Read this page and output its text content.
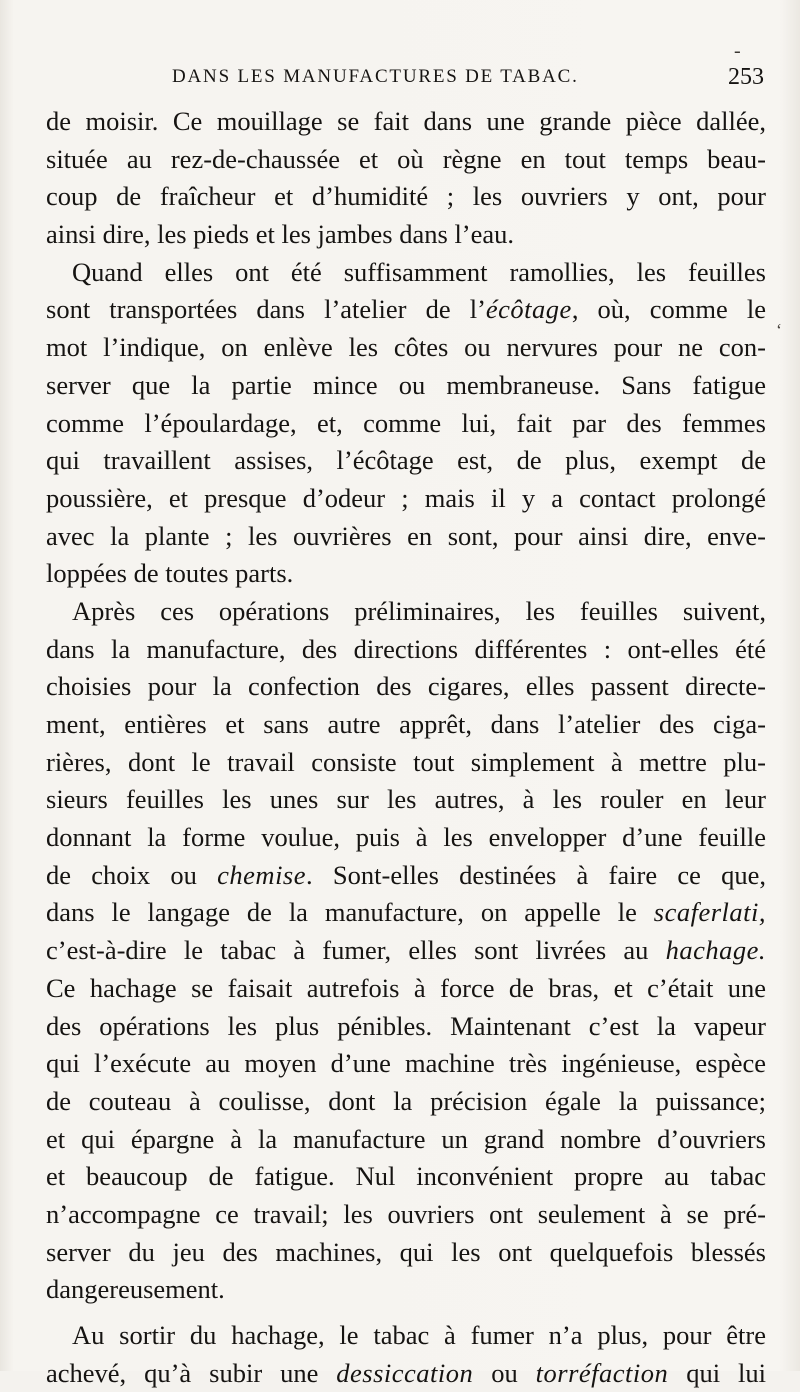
-
DANS LES MANUFACTURES DE TABAC.	253
‘
de moisir. Ce mouillage se fait dans une grande pièce dallée,
située au rez-de-chaussée et où règne en tout temps beau-
coup de fraîcheur et d’humidité ; les ouvriers y ont, pour
ainsi dire, les pieds et les jambes dans l’eau.
Quand elles ont été suffisamment ramollies, les feuilles
sont transportées dans l’atelier de l’écôtage, où, comme le
mot l’indique, on enlève les côtes ou nervures pour ne con-
server que la partie mince ou membraneuse. Sans fatigue
comme l’époulardage, et, comme lui, fait par des femmes
qui travaillent assises, l’écôtage est, de plus, exempt de
poussière, et presque d’odeur ; mais il y a contact prolongé
avec la plante ; les ouvrières en sont, pour ainsi dire, enve-
loppées de toutes parts.
Après ces opérations préliminaires, les feuilles suivent,
dans la manufacture, des directions différentes : ont-elles été
choisies pour la confection des cigares, elles passent directe-
ment, entières et sans autre apprêt, dans l’atelier des ciga-
rières, dont le travail consiste tout simplement à mettre plu-
sieurs feuilles les unes sur les autres, à les rouler en leur
donnant la forme voulue, puis à les envelopper d’une feuille
de choix ou chemise. Sont-elles destinées à faire ce que,
dans le langage de la manufacture, on appelle le scaferlati,
c’est-à-dire le tabac à fumer, elles sont livrées au hachage.
Ce hachage se faisait autrefois à force de bras, et c’était une
des opérations les plus pénibles. Maintenant c’est la vapeur
qui l’exécute au moyen d’une machine très ingénieuse, espèce
de couteau à coulisse, dont la précision égale la puissance;
et qui épargne à la manufacture un grand nombre d’ouvriers
et beaucoup de fatigue. Nul inconvénient propre au tabac
n’accompagne ce travail; les ouvriers ont seulement à se pré-
server du jeu des machines, qui les ont quelquefois blessés
dangereusement.
Au sortir du hachage, le tabac à fumer n’a plus, pour être
achevé, qu’à subir une dessiccation ou torréfaction qui lui
